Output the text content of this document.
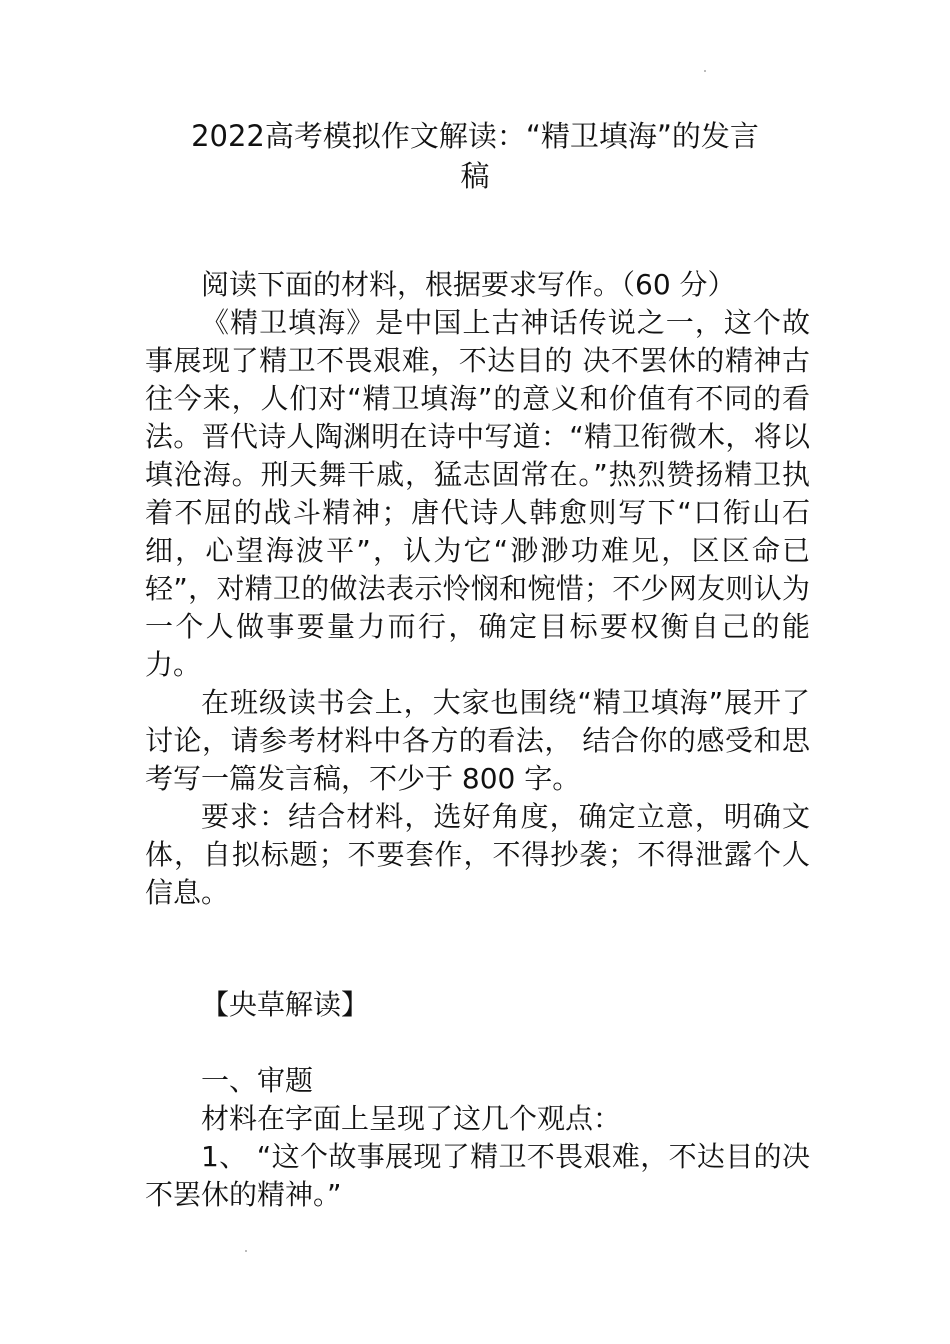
2022高考模拟作文解读：“精卫填海”的发言
稿

阅读下面的材料，根据要求写作。（60 分）

《精卫填海》是中国上古神话传说之一，这个故事展现了精卫不畏艰难，不达目的 决不罢休的精神古往今来，人们对“精卫填海”的意义和价值有不同的看法。晋代诗人陶渊明在诗中写道：“精卫衔微木，将以填沧海。刑天舞干戚，猛志固常在。”热烈赞扬精卫执着不屈的战斗精神；唐代诗人韩愈则写下“口衔山石细，心望海波平”，认为它“渺渺功难见，区区命已轻”，对精卫的做法表示怜悯和惋惜；不少网友则认为一个人做事要量力而行，确定目标要权衡自己的能力。

在班级读书会上，大家也围绕“精卫填海”展开了讨论，请参考材料中各方的看法， 结合你的感受和思考写一篇发言稿，不少于 800 字。

要求：结合材料，选好角度，确定立意，明确文体，自拟标题；不要套作，不得抄袭；不得泄露个人信息。

【央草解读】

一、审题

材料在字面上呈现了这几个观点：

1、 “这个故事展现了精卫不畏艰难，不达目的决不罢休的精神。”
